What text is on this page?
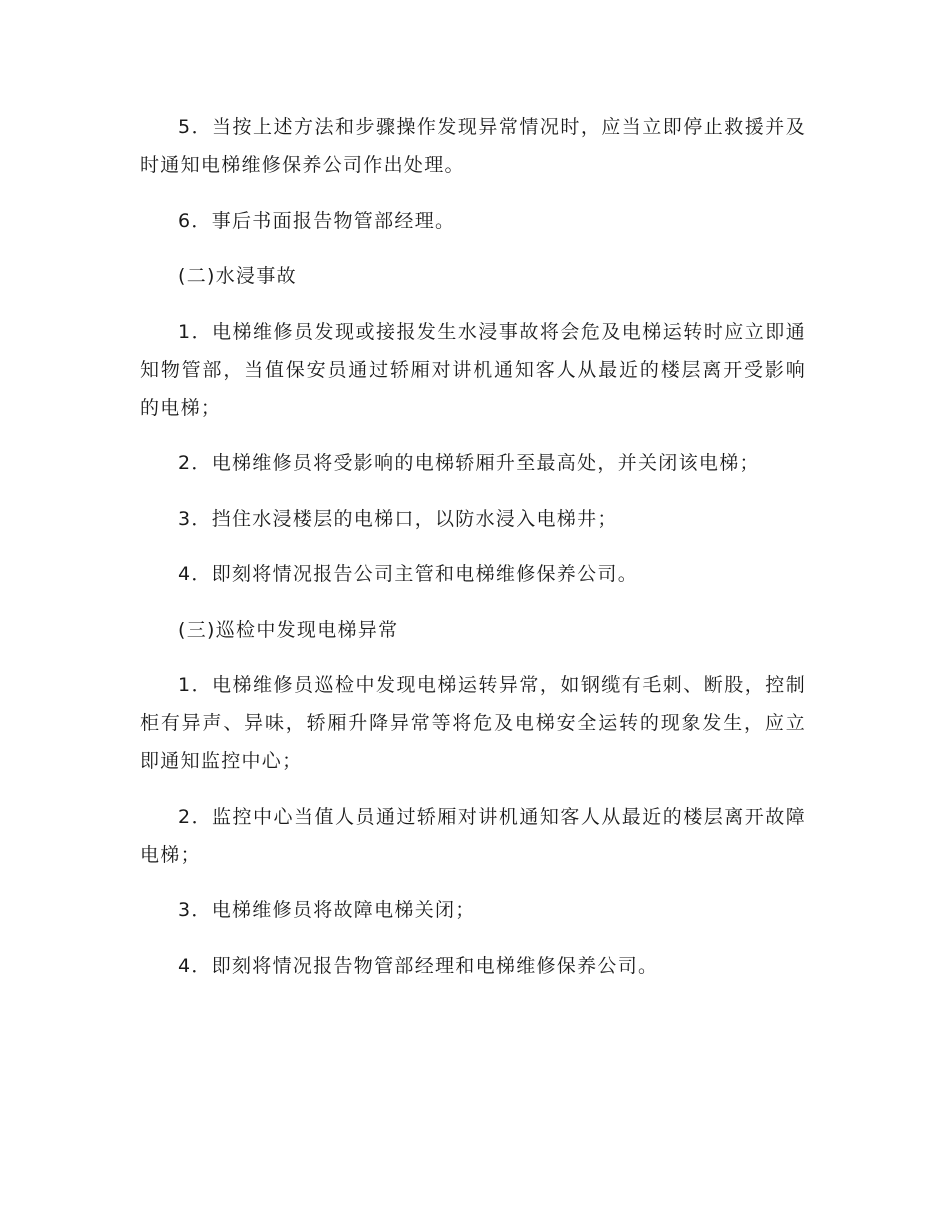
5．当按上述方法和步骤操作发现异常情况时，应当立即停止救援并及时通知电梯维修保养公司作出处理。

6．事后书面报告物管部经理。

(二)水浸事故

1．电梯维修员发现或接报发生水浸事故将会危及电梯运转时应立即通知物管部，当值保安员通过轿厢对讲机通知客人从最近的楼层离开受影响的电梯；

2．电梯维修员将受影响的电梯轿厢升至最高处，并关闭该电梯；

3．挡住水浸楼层的电梯口，以防水浸入电梯井；

4．即刻将情况报告公司主管和电梯维修保养公司。

(三)巡检中发现电梯异常

1．电梯维修员巡检中发现电梯运转异常，如钢缆有毛刺、断股，控制柜有异声、异味，轿厢升降异常等将危及电梯安全运转的现象发生，应立即通知监控中心；

2．监控中心当值人员通过轿厢对讲机通知客人从最近的楼层离开故障电梯；

3．电梯维修员将故障电梯关闭；

4．即刻将情况报告物管部经理和电梯维修保养公司。
